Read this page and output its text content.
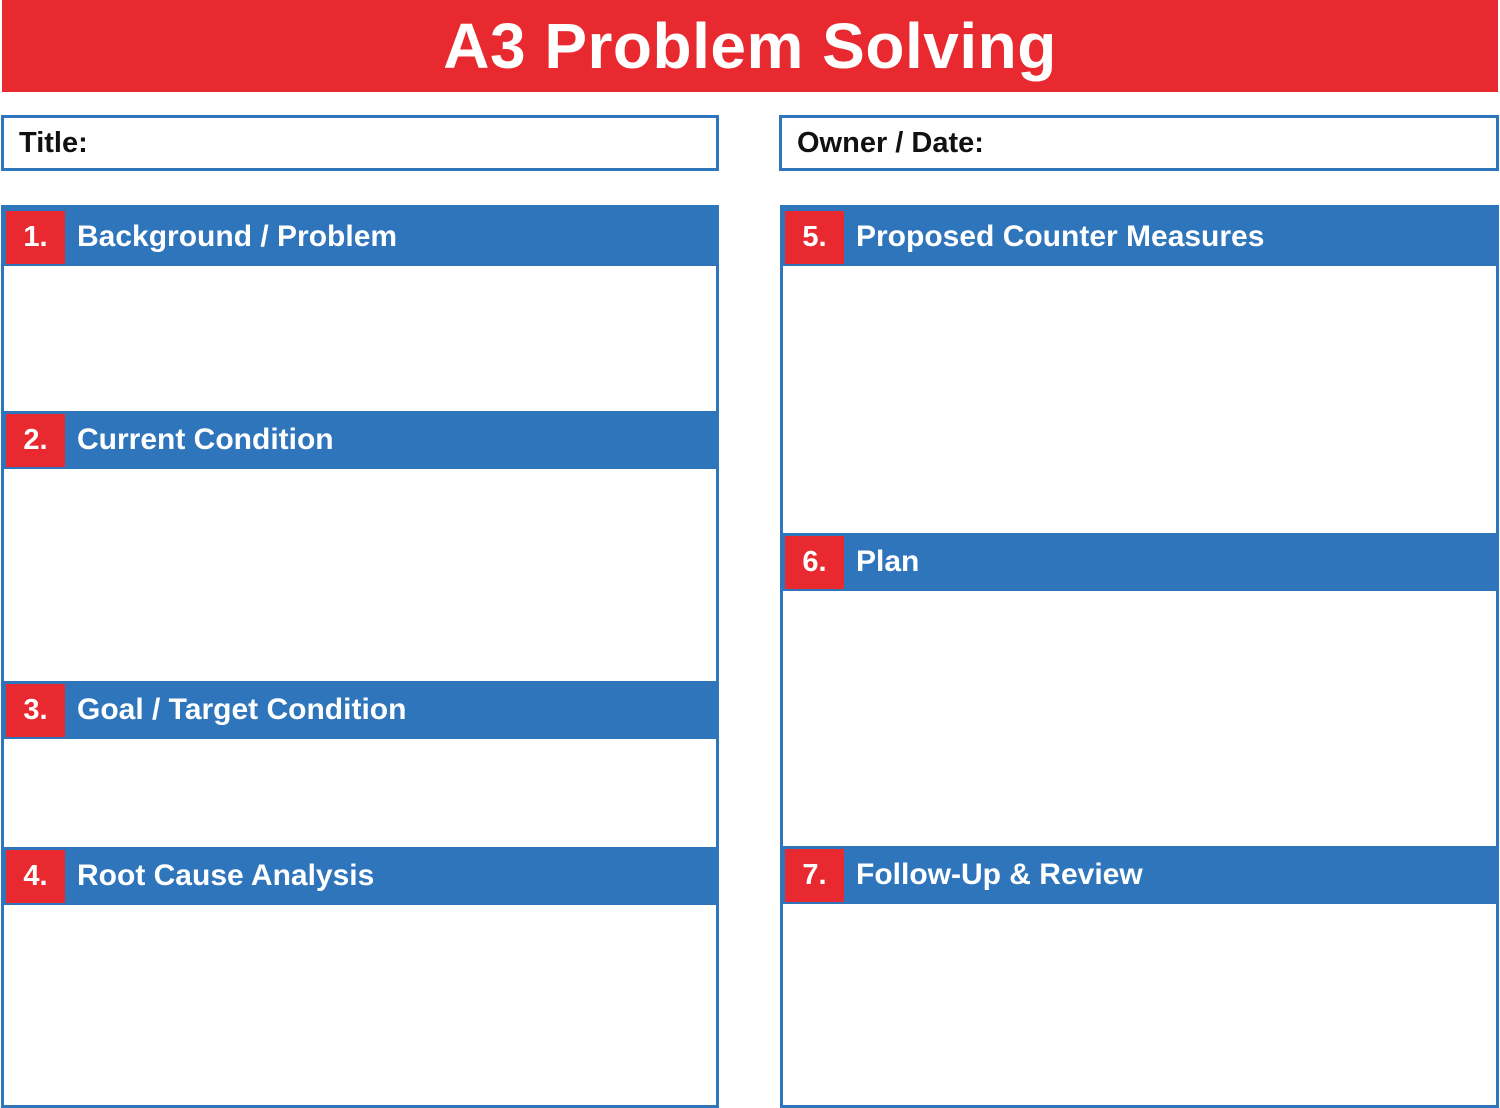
A3 Problem Solving
Title:	Owner / Date:
1. Background / Problem
2. Current Condition
3. Goal / Target Condition
4. Root Cause Analysis
5. Proposed Counter Measures
6. Plan
7. Follow-Up & Review
